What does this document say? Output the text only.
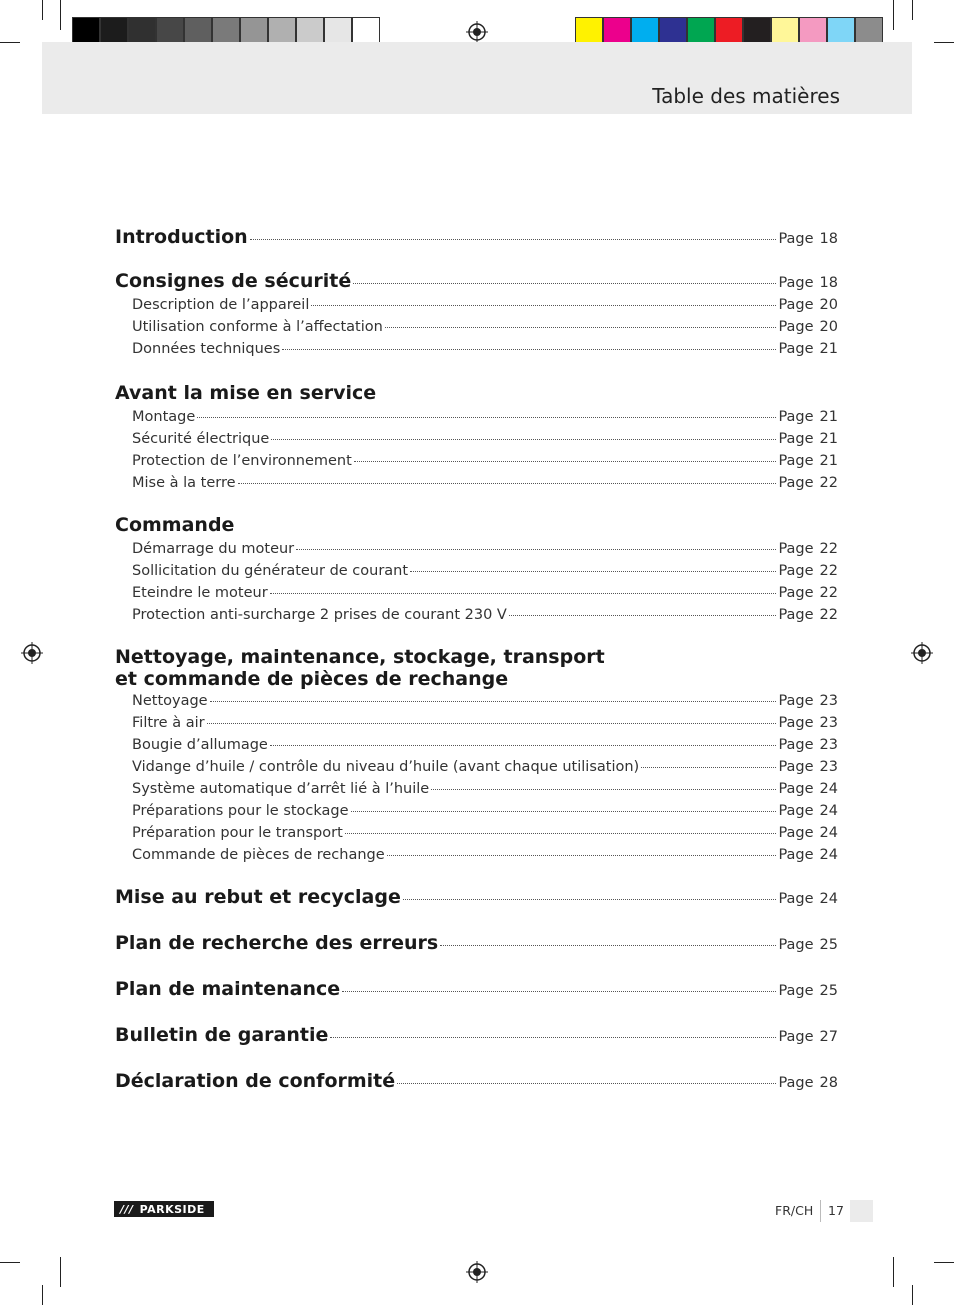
Table des matières
Introduction	Page 18
Consignes de sécurité	Page 18
Description de l’appareil	Page 20
Utilisation conforme à l’affectation	Page 20
Données techniques	Page 21
Avant la mise en service
Montage	Page 21
Sécurité électrique	Page 21
Protection de l’environnement	Page 21
Mise à la terre	Page 22
Commande
Démarrage du moteur	Page 22
Sollicitation du générateur de courant	Page 22
Eteindre le moteur	Page 22
Protection anti-surcharge 2 prises de courant 230 V	Page 22
Nettoyage, maintenance, stockage, transport
et commande de pièces de rechange
Nettoyage	Page 23
Filtre à air	Page 23
Bougie d’allumage	Page 23
Vidange d’huile / contrôle du niveau d’huile (avant chaque utilisation)	Page 23
Système automatique d’arrêt lié à l’huile	Page 24
Préparations pour le stockage	Page 24
Préparation pour le transport	Page 24
Commande de pièces de rechange	Page 24
Mise au rebut et recyclage	Page 24
Plan de recherche des erreurs	Page 25
Plan de maintenance	Page 25
Bulletin de garantie	Page 27
Déclaration de conformité	Page 28
/// PARKSIDE	FR/CH 17
